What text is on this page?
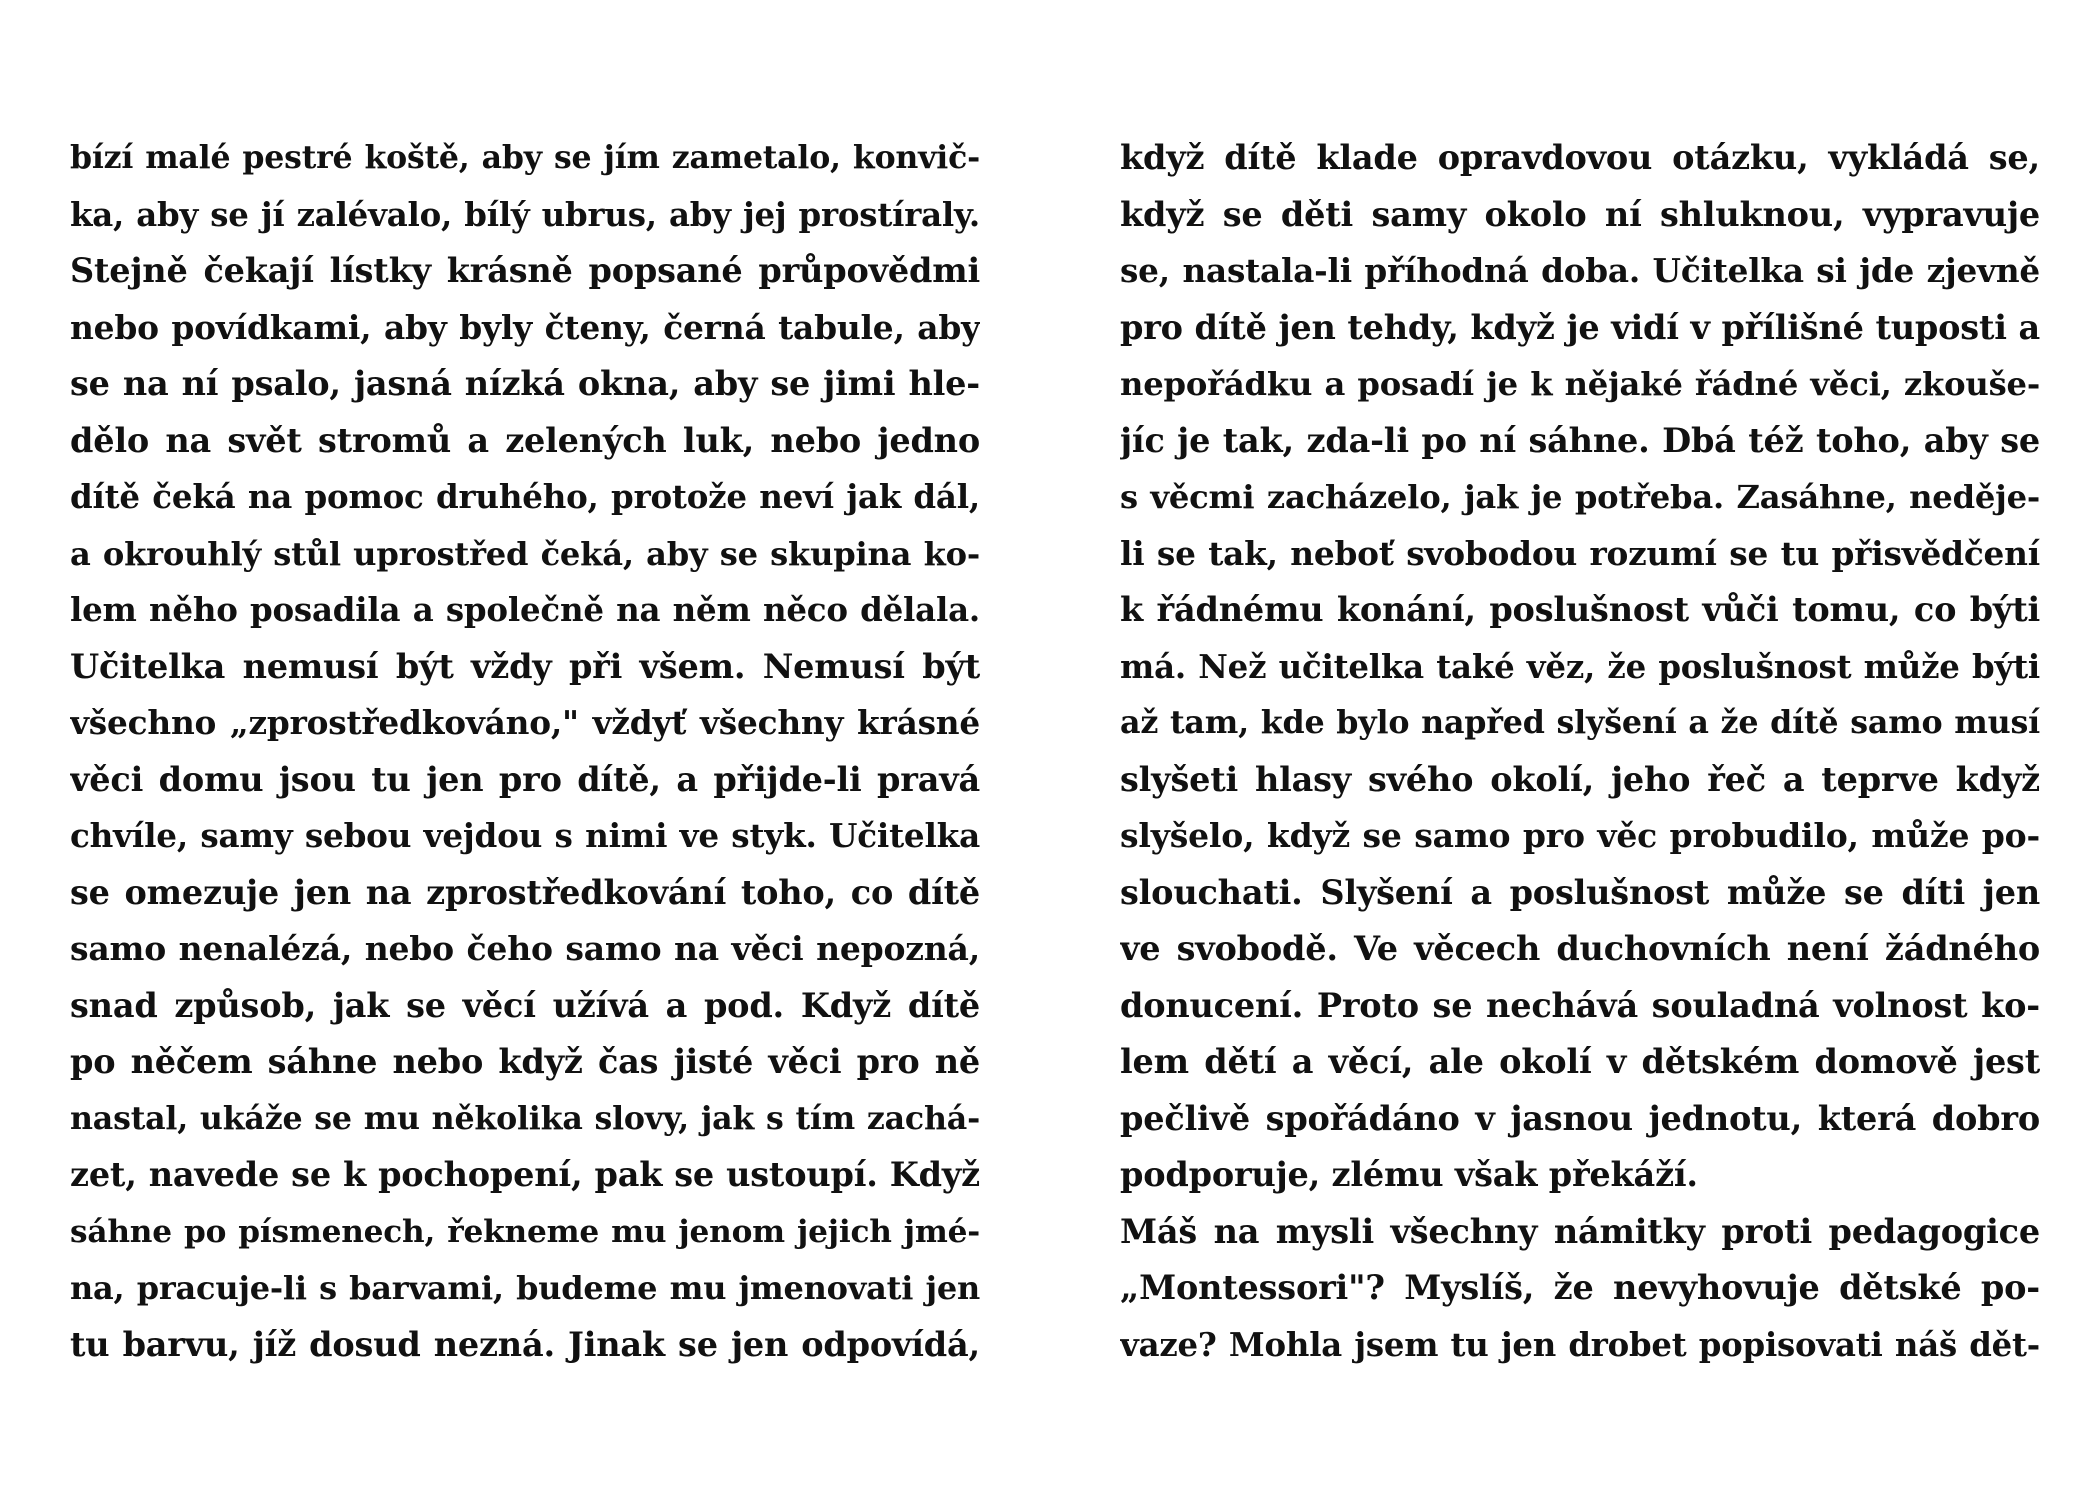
bízí malé pestré koště, aby se jím zametalo, konvič-
ka, aby se jí zalévalo, bílý ubrus, aby jej prostíraly.
Stejně čekají lístky krásně popsané průpovědmi
nebo povídkami, aby byly čteny, černá tabule, aby
se na ní psalo, jasná nízká okna, aby se jimi hle-
dělo na svět stromů a zelených luk, nebo jedno
dítě čeká na pomoc druhého, protože neví jak dál,
a okrouhlý stůl uprostřed čeká, aby se skupina ko-
lem něho posadila a společně na něm něco dělala.
Učitelka nemusí být vždy při všem. Nemusí být
všechno „zprostředkováno," vždyť všechny krásné
věci domu jsou tu jen pro dítě, a přijde-li pravá
chvíle, samy sebou vejdou s nimi ve styk. Učitelka
se omezuje jen na zprostředkování toho, co dítě
samo nenalézá, nebo čeho samo na věci nepozná,
snad způsob, jak se věcí užívá a pod. Když dítě
po něčem sáhne nebo když čas jisté věci pro ně
nastal, ukáže se mu několika slovy, jak s tím zachá-
zet, navede se k pochopení, pak se ustoupí. Když
sáhne po písmenech, řekneme mu jenom jejich jmé-
na, pracuje-li s barvami, budeme mu jmenovati jen
tu barvu, jíž dosud nezná. Jinak se jen odpovídá,
když dítě klade opravdovou otázku, vykládá se,
když se děti samy okolo ní shluknou, vypravuje
se, nastala-li příhodná doba. Učitelka si jde zjevně
pro dítě jen tehdy, když je vidí v přílišné tuposti a
nepořádku a posadí je k nějaké řádné věci, zkouše-
jíc je tak, zda-li po ní sáhne. Dbá též toho, aby se
s věcmi zacházelo, jak je potřeba. Zasáhne, neděje-
li se tak, neboť svobodou rozumí se tu přisvědčení
k řádnému konání, poslušnost vůči tomu, co býti
má. Než učitelka také věz, že poslušnost může býti
až tam, kde bylo napřed slyšení a že dítě samo musí
slyšeti hlasy svého okolí, jeho řeč a teprve když
slyšelo, když se samo pro věc probudilo, může po-
slouchati. Slyšení a poslušnost může se díti jen
ve svobodě. Ve věcech duchovních není žádného
donucení. Proto se nechává souladná volnost ko-
lem dětí a věcí, ale okolí v dětském domově jest
pečlivě spořádáno v jasnou jednotu, která dobro
podporuje, zlému však překáží.
Máš na mysli všechny námitky proti pedagogice
„Montessori"? Myslíš, že nevyhovuje dětské po-
vaze? Mohla jsem tu jen drobet popisovati náš dět-
